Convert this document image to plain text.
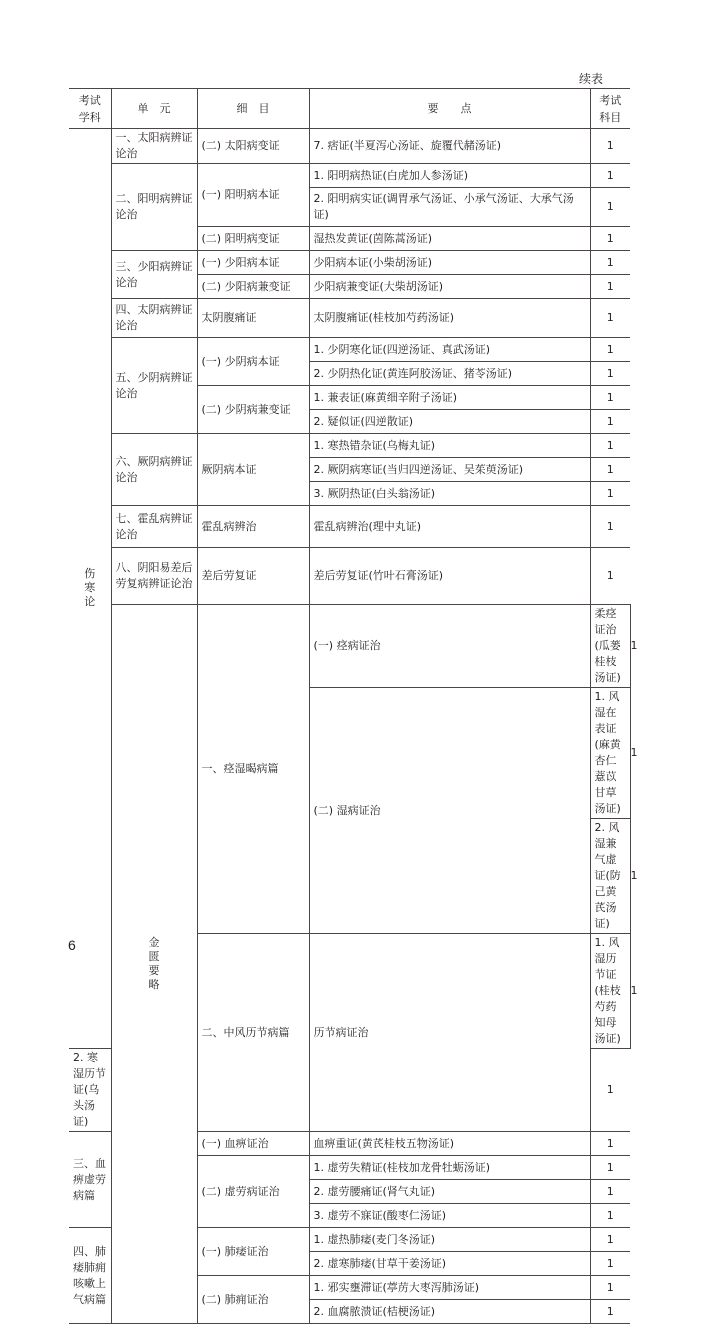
续表
考试学科	单　元	细　目	要　　点	考试科目	
伤寒论	一、太阳病辨证论治	(二) 太阳病变证	7. 痞证(半夏泻心汤证、旋覆代赭汤证)	1	
	二、阳明病辨证论治	(一) 阳明病本证	1. 阳明病热证(白虎加人参汤证)	1	
			2. 阳明病实证(调胃承气汤证、小承气汤证、大承气汤证)	1	
		(二) 阳明病变证	湿热发黄证(茵陈蒿汤证)	1	
	三、少阳病辨证论治	(一) 少阳病本证	少阳病本证(小柴胡汤证)	1	
		(二) 少阳病兼变证	少阳病兼变证(大柴胡汤证)	1	
	四、太阴病辨证论治	太阴腹痛证	太阴腹痛证(桂枝加芍药汤证)	1	
	五、少阴病辨证论治	(一) 少阴病本证	1. 少阴寒化证(四逆汤证、真武汤证)	1	
			2. 少阴热化证(黄连阿胶汤证、猪苓汤证)	1	
		(二) 少阴病兼变证	1. 兼表证(麻黄细辛附子汤证)	1	
			2. 疑似证(四逆散证)	1	
	六、厥阴病辨证论治	厥阴病本证	1. 寒热错杂证(乌梅丸证)	1	
			2. 厥阴病寒证(当归四逆汤证、吴茱萸汤证)	1	
			3. 厥阴热证(白头翁汤证)	1	
	七、霍乱病辨证论治	霍乱病辨治	霍乱病辨治(理中丸证)	1	
	八、阴阳易差后劳复病辨证论治	差后劳复证	差后劳复证(竹叶石膏汤证)	1	
	金匮要略	一、痉湿暍病篇	(一) 痉病证治	柔痉证治(瓜蒌桂枝汤证)	1
			(二) 湿病证治	1. 风湿在表证(麻黄杏仁薏苡甘草汤证)	1
				2. 风湿兼气虚证(防己黄芪汤证)	1
		二、中风历节病篇	历节病证治	1. 风湿历节证(桂枝芍药知母汤证)	1
2. 寒湿历节证(乌头汤证)				1	
三、血痹虚劳病篇		(一) 血痹证治	血痹重证(黄芪桂枝五物汤证)	1	
		(二) 虚劳病证治	1. 虚劳失精证(桂枝加龙骨牡蛎汤证)	1	
			2. 虚劳腰痛证(肾气丸证)	1	
			3. 虚劳不寐证(酸枣仁汤证)	1	
四、肺痿肺痈咳嗽上气病篇		(一) 肺痿证治	1. 虚热肺痿(麦门冬汤证)	1	
			2. 虚寒肺痿(甘草干姜汤证)	1	
		(二) 肺痈证治	1. 邪实壅滞证(葶苈大枣泻肺汤证)	1	
			2. 血腐脓溃证(桔梗汤证)	1	
6
